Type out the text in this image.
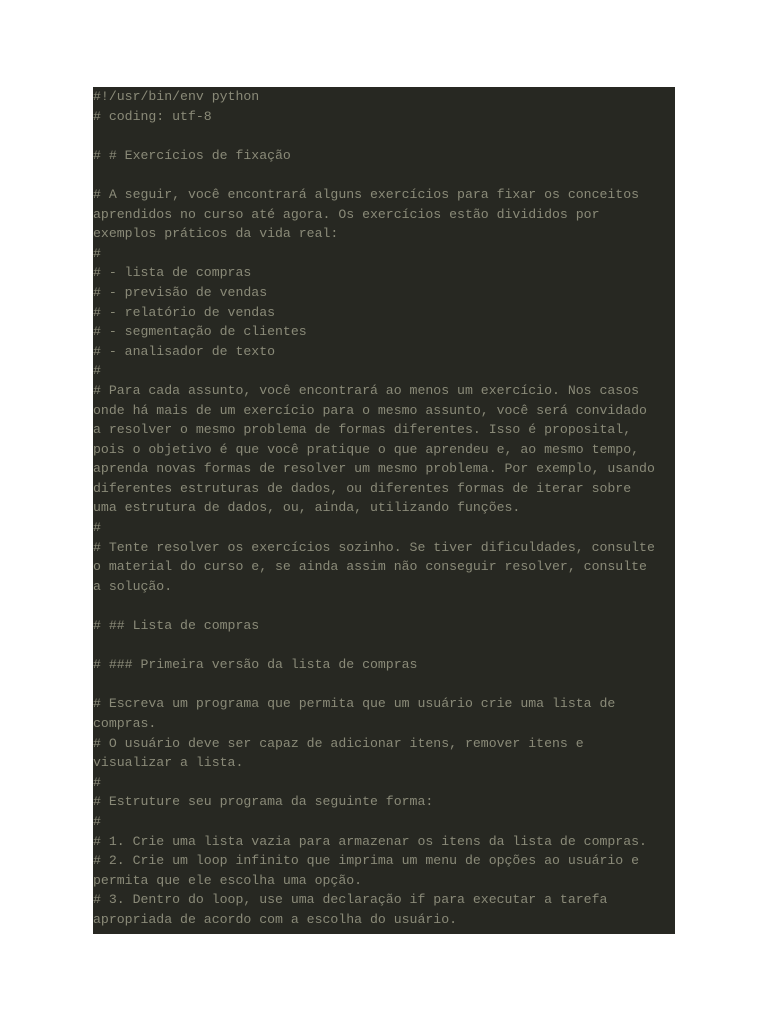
#!/usr/bin/env python
# coding: utf-8
# # Exercícios de fixação
# A seguir, você encontrará alguns exercícios para fixar os conceitos
aprendidos no curso até agora. Os exercícios estão divididos por
exemplos práticos da vida real:
#
# - lista de compras
# - previsão de vendas
# - relatório de vendas
# - segmentação de clientes
# - analisador de texto
#
# Para cada assunto, você encontrará ao menos um exercício. Nos casos
onde há mais de um exercício para o mesmo assunto, você será convidado
a resolver o mesmo problema de formas diferentes. Isso é proposital,
pois o objetivo é que você pratique o que aprendeu e, ao mesmo tempo,
aprenda novas formas de resolver um mesmo problema. Por exemplo, usando
diferentes estruturas de dados, ou diferentes formas de iterar sobre
uma estrutura de dados, ou, ainda, utilizando funções.
#
# Tente resolver os exercícios sozinho. Se tiver dificuldades, consulte
o material do curso e, se ainda assim não conseguir resolver, consulte
a solução.
# ## Lista de compras
# ### Primeira versão da lista de compras
# Escreva um programa que permita que um usuário crie uma lista de
compras.
# O usuário deve ser capaz de adicionar itens, remover itens e
visualizar a lista.
#
# Estruture seu programa da seguinte forma:
#
# 1. Crie uma lista vazia para armazenar os itens da lista de compras.
# 2. Crie um loop infinito que imprima um menu de opções ao usuário e
permita que ele escolha uma opção.
# 3. Dentro do loop, use uma declaração if para executar a tarefa
apropriada de acordo com a escolha do usuário.
